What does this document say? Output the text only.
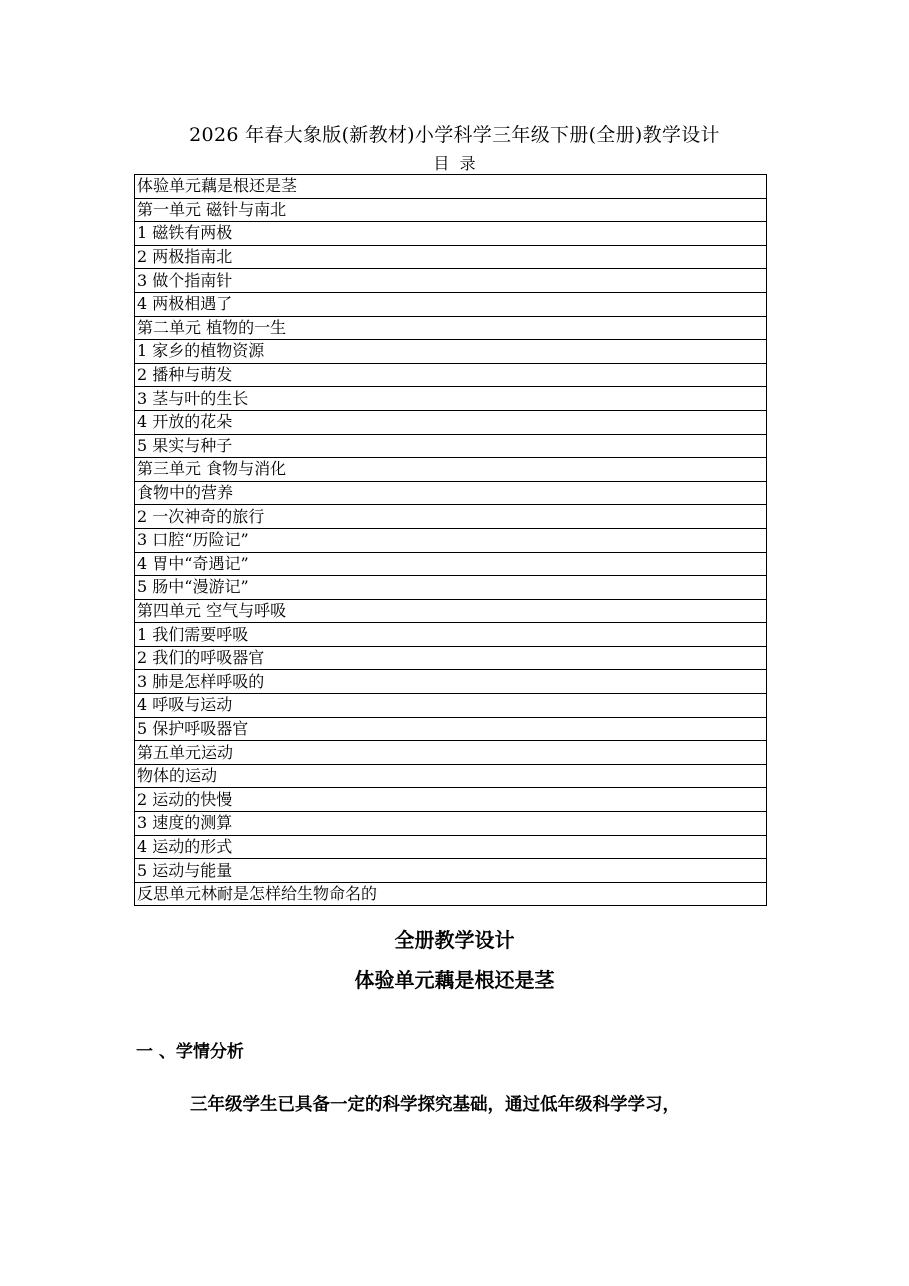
2026 年春大象版(新教材)小学科学三年级下册(全册)教学设计
目  录
体验单元藕是根还是茎
第一单元 磁针与南北
1 磁铁有两极
2 两极指南北
3 做个指南针
4 两极相遇了
第二单元 植物的一生
1 家乡的植物资源
2 播种与萌发
3 茎与叶的生长
4 开放的花朵
5 果实与种子
第三单元 食物与消化
食物中的营养
2 一次神奇的旅行
3 口腔“历险记”
4 胃中“奇遇记”
5 肠中“漫游记”
第四单元 空气与呼吸
1 我们需要呼吸
2 我们的呼吸器官
3 肺是怎样呼吸的
4 呼吸与运动
5 保护呼吸器官
第五单元运动
物体的运动
2 运动的快慢
3 速度的测算
4 运动的形式
5 运动与能量
反思单元林耐是怎样给生物命名的
全册教学设计
体验单元藕是根还是茎
一 、学情分析
三年级学生已具备一定的科学探究基础，通过低年级科学学习，
